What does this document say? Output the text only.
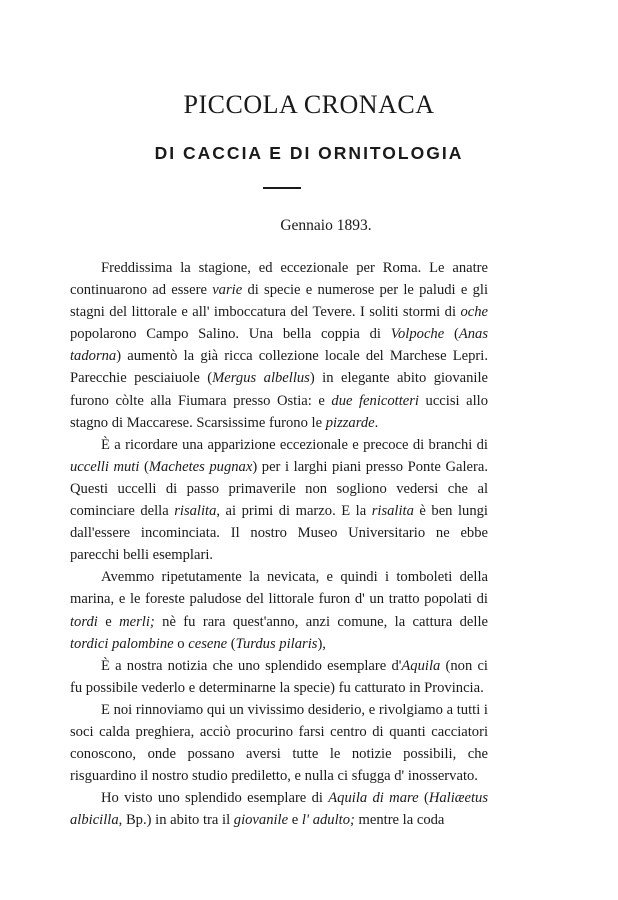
PICCOLA CRONACA
DI CACCIA E DI ORNITOLOGIA
Gennaio 1893.

Freddissima la stagione, ed eccezionale per Roma. Le anatre continuarono ad essere varie di specie e numerose per le paludi e gli stagni del littorale e all' imboccatura del Tevere. I soliti stormi di oche popolarono Campo Salino. Una bella coppia di Volpoche (Anas tadorna) aumentò la già ricca collezione locale del Marchese Lepri. Parecchie pesciaiuole (Mergus albellus) in elegante abito giovanile furono còlte alla Fiumara presso Ostia: e due fenicotteri uccisi allo stagno di Maccarese. Scarsissime furono le pizzarde.

È a ricordare una apparizione eccezionale e precoce di branchi di uccelli muti (Machetes pugnax) per i larghi piani presso Ponte Galera. Questi uccelli di passo primaverile non sogliono vedersi che al cominciare della risalita, ai primi di marzo. E la risalita è ben lungi dall'essere incominciata. Il nostro Museo Universitario ne ebbe parecchi belli esemplari.

Avemmo ripetutamente la nevicata, e quindi i tomboleti della marina, e le foreste paludose del littorale furon d' un tratto popolati di tordi e merli; nè fu rara quest'anno, anzi comune, la cattura delle tordici palombine o cesene (Turdus pilaris),

È a nostra notizia che uno splendido esemplare d'Aquila (non ci fu possibile vederlo e determinarne la specie) fu catturato in Provincia.

E noi rinnoviamo qui un vivissimo desiderio, e rivolgiamo a tutti i soci calda preghiera, acciò procurino farsi centro di quanti cacciatori conoscono, onde possano aversi tutte le notizie possibili, che risguardino il nostro studio prediletto, e nulla ci sfugga d' inosservato.

Ho visto uno splendido esemplare di Aquila di mare (Haliæetus albicilla, Bp.) in abito tra il giovanile e l' adulto; mentre la coda
